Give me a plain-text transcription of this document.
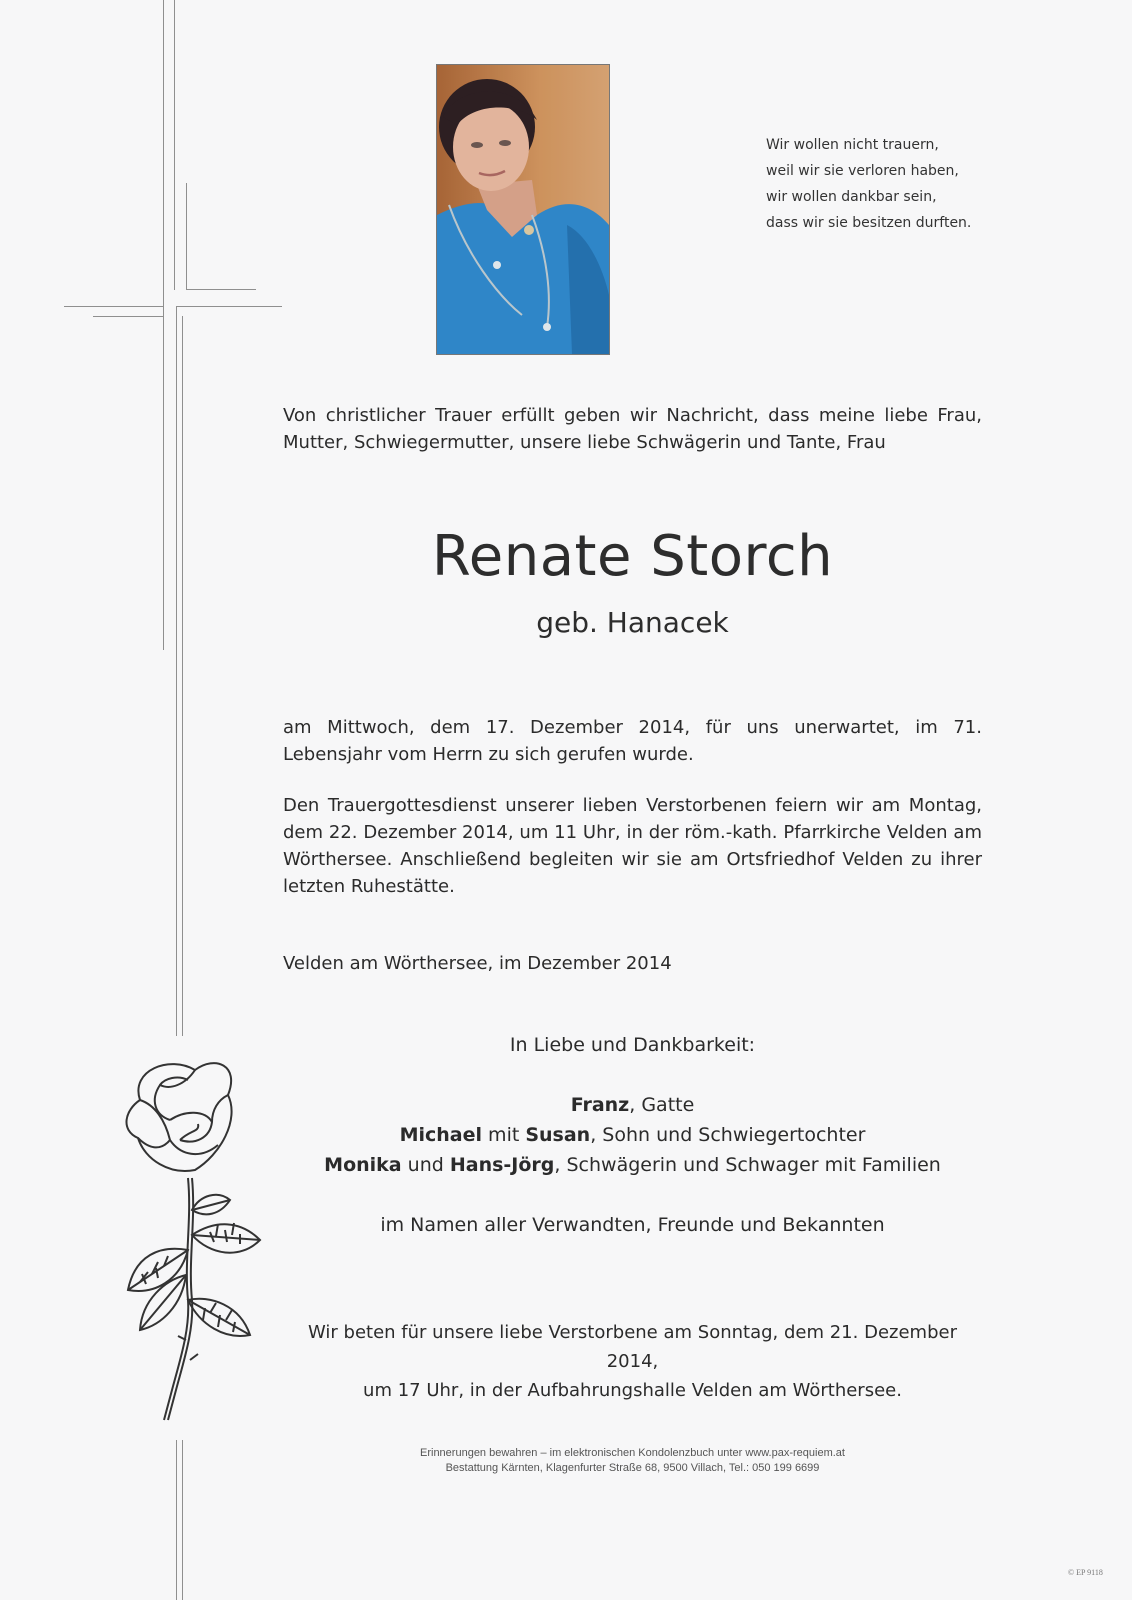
Wir wollen nicht trauern,
weil wir sie verloren haben,
wir wollen dankbar sein,
dass wir sie besitzen durften.
Von christlicher Trauer erfüllt geben wir Nachricht, dass meine liebe Frau, Mutter, Schwiegermutter, unsere liebe Schwägerin und Tante, Frau
Renate Storch
geb. Hanacek
am Mittwoch, dem 17. Dezember 2014, für uns unerwartet, im 71. Lebensjahr vom Herrn zu sich gerufen wurde.
Den Trauergottesdienst unserer lieben Verstorbenen feiern wir am Montag, dem 22. Dezember 2014, um 11 Uhr, in der röm.-kath. Pfarrkirche Velden am Wörthersee. Anschließend begleiten wir sie am Ortsfriedhof Velden zu ihrer letzten Ruhestätte.
Velden am Wörthersee, im Dezember 2014
In Liebe und Dankbarkeit:
Franz, Gatte
Michael mit Susan, Sohn und Schwiegertochter
Monika und Hans-Jörg, Schwägerin und Schwager mit Familien
im Namen aller Verwandten, Freunde und Bekannten
Wir beten für unsere liebe Verstorbene am Sonntag, dem 21. Dezember 2014,
um 17 Uhr, in der Aufbahrungshalle Velden am Wörthersee.
Erinnerungen bewahren – im elektronischen Kondolenzbuch unter www.pax-requiem.at
Bestattung Kärnten, Klagenfurter Straße 68, 9500 Villach, Tel.: 050 199 6699
© EP 9118
